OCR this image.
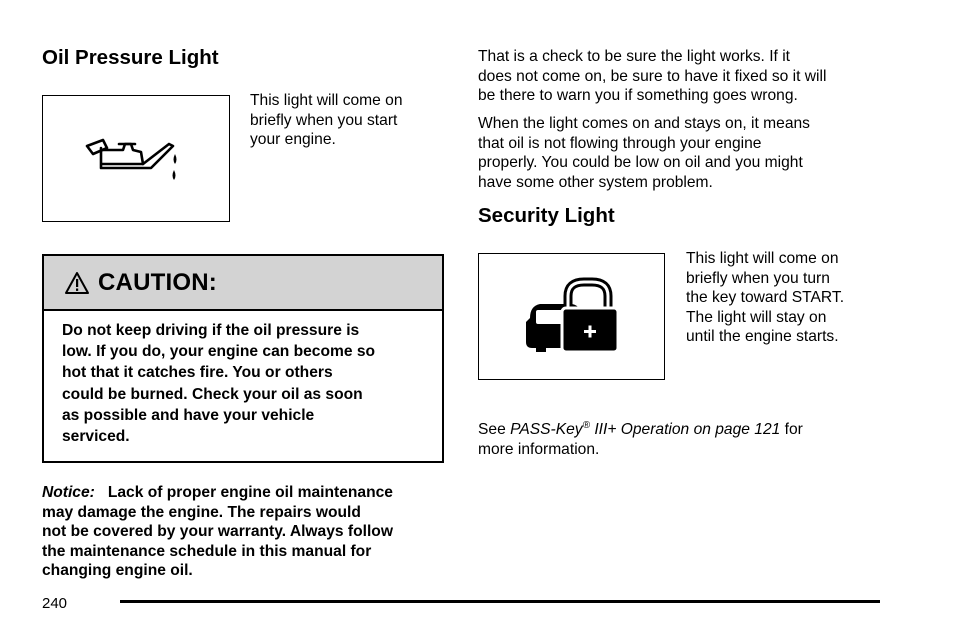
Oil Pressure Light
This light will come on
briefly when you start
your engine.
CAUTION:
Do not keep driving if the oil pressure is
low. If you do, your engine can become so
hot that it catches fire. You or others
could be burned. Check your oil as soon
as possible and have your vehicle
serviced.
Notice: Lack of proper engine oil maintenance
may damage the engine. The repairs would
not be covered by your warranty. Always follow
the maintenance schedule in this manual for
changing engine oil.
That is a check to be sure the light works. If it
does not come on, be sure to have it fixed so it will
be there to warn you if something goes wrong.
When the light comes on and stays on, it means
that oil is not flowing through your engine
properly. You could be low on oil and you might
have some other system problem.
Security Light
This light will come on
briefly when you turn
the key toward START.
The light will stay on
until the engine starts.
See PASS-Key® III+ Operation on page 121 for
more information.
240
